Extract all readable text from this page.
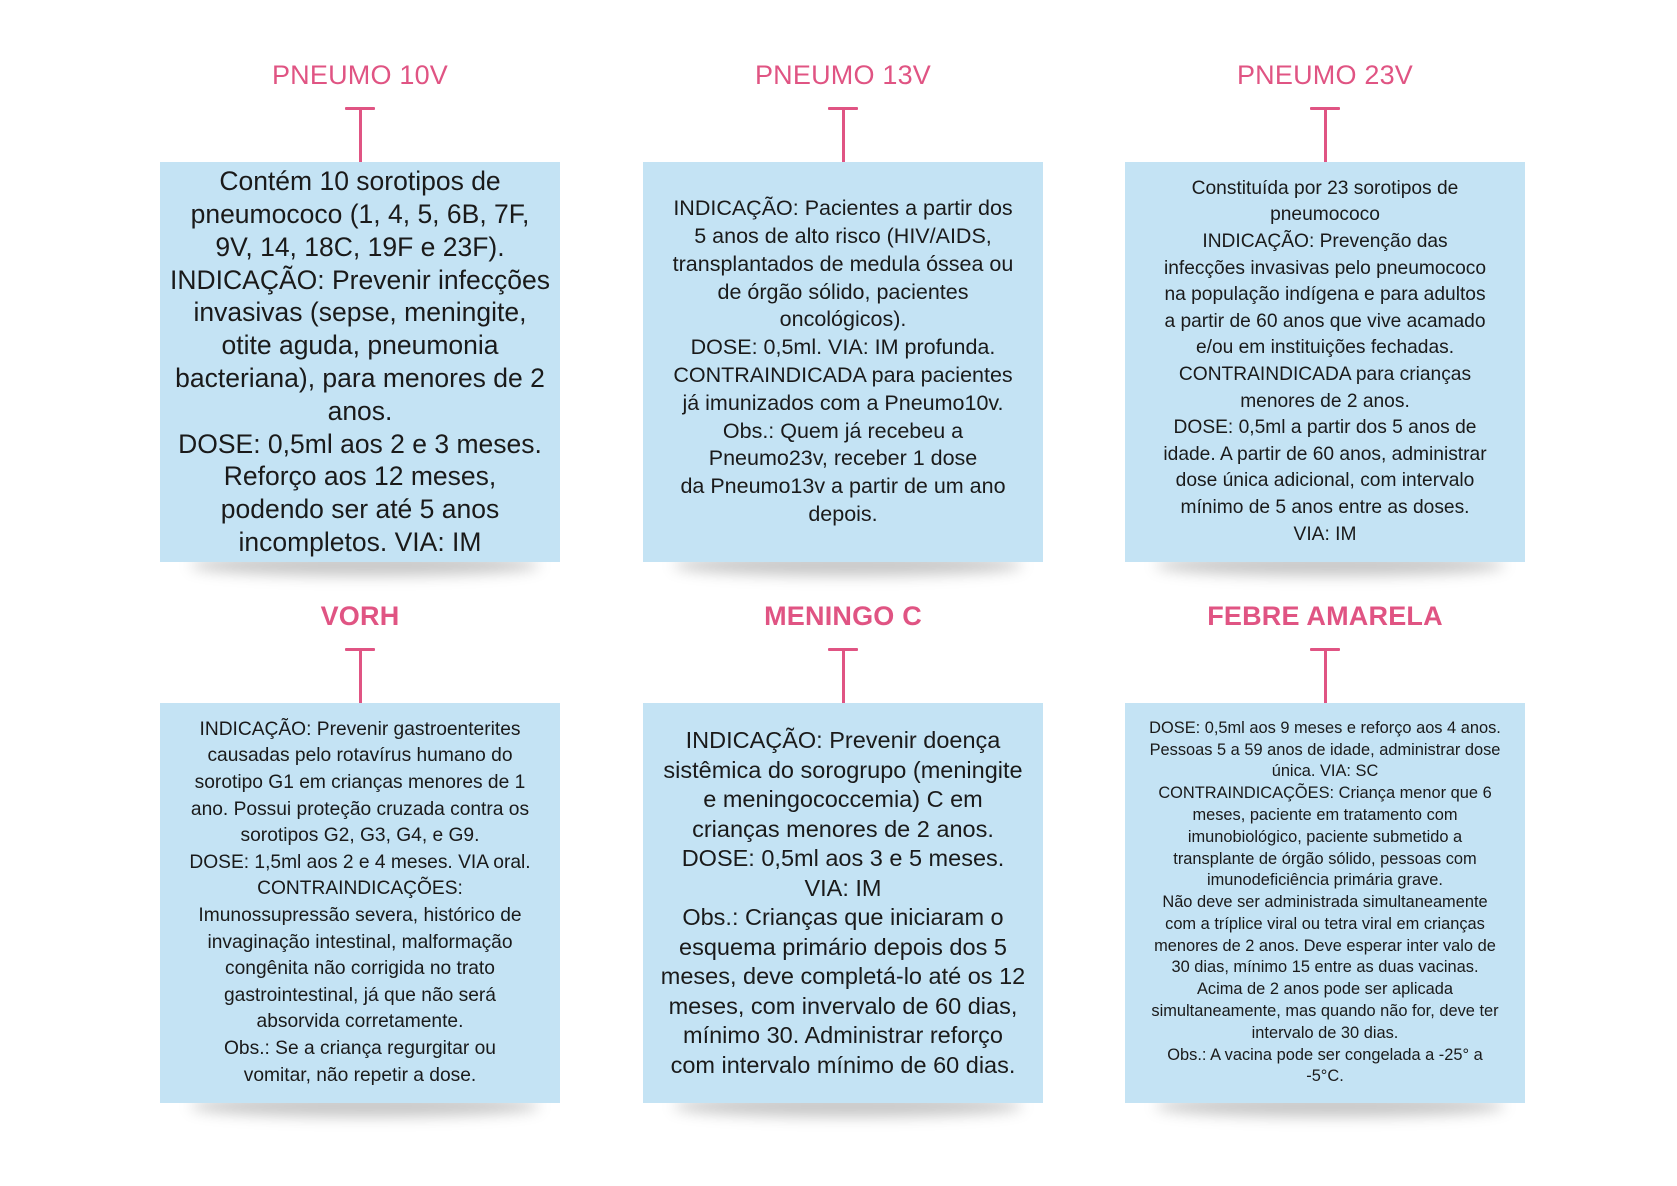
PNEUMO 10V
Contém 10 sorotipos de
pneumococo (1, 4, 5, 6B, 7F,
9V, 14, 18C, 19F e 23F).
INDICAÇÃO: Prevenir infecções
invasivas (sepse, meningite,
otite aguda, pneumonia
bacteriana), para menores de 2
anos.
DOSE: 0,5ml aos 2 e 3 meses.
Reforço aos 12 meses,
podendo ser até 5 anos
incompletos. VIA: IM
PNEUMO 13V
INDICAÇÃO: Pacientes a partir dos
5 anos de alto risco (HIV/AIDS,
transplantados de medula óssea ou
de órgão sólido, pacientes
oncológicos).
DOSE: 0,5ml. VIA: IM profunda.
CONTRAINDICADA para pacientes
já imunizados com a Pneumo10v.
Obs.: Quem já recebeu a
Pneumo23v, receber 1 dose
da Pneumo13v a partir de um ano
depois.
PNEUMO 23V
Constituída por 23 sorotipos de
pneumococo
INDICAÇÃO: Prevenção das
infecções invasivas pelo pneumococo
na população indígena e para adultos
a partir de 60 anos que vive acamado
e/ou em instituições fechadas.
CONTRAINDICADA para crianças
menores de 2 anos.
DOSE: 0,5ml a partir dos 5 anos de
idade. A partir de 60 anos, administrar
dose única adicional, com intervalo
mínimo de 5 anos entre as doses.
VIA: IM
VORH
INDICAÇÃO: Prevenir gastroenterites
causadas pelo rotavírus humano do
sorotipo G1 em crianças menores de 1
ano. Possui proteção cruzada contra os
sorotipos G2, G3, G4, e G9.
DOSE: 1,5ml aos 2 e 4 meses. VIA oral.
CONTRAINDICAÇÕES:
Imunossupressão severa, histórico de
invaginação intestinal, malformação
congênita não corrigida no trato
gastrointestinal, já que não será
absorvida corretamente.
Obs.: Se a criança regurgitar ou
vomitar, não repetir a dose.
MENINGO C
INDICAÇÃO: Prevenir doença
sistêmica do sorogrupo (meningite
e meningococcemia) C em
crianças menores de 2 anos.
DOSE: 0,5ml aos 3 e 5 meses.
VIA: IM
Obs.: Crianças que iniciaram o
esquema primário depois dos 5
meses, deve completá-lo até os 12
meses, com invervalo de 60 dias,
mínimo 30. Administrar reforço
com intervalo mínimo de 60 dias.
FEBRE AMARELA
DOSE: 0,5ml aos 9 meses e reforço aos 4 anos.
Pessoas 5 a 59 anos de idade, administrar dose
única. VIA: SC
CONTRAINDICAÇÕES: Criança menor que 6
meses, paciente em tratamento com
imunobiológico, paciente submetido a
transplante de órgão sólido, pessoas com
imunodeficiência primária grave.
Não deve ser administrada simultaneamente
com a tríplice viral ou tetra viral em crianças
menores de 2 anos. Deve esperar inter valo de
30 dias, mínimo 15 entre as duas vacinas.
Acima de 2 anos pode ser aplicada
simultaneamente, mas quando não for, deve ter
intervalo de 30 dias.
Obs.: A vacina pode ser congelada a -25° a
-5°C.
